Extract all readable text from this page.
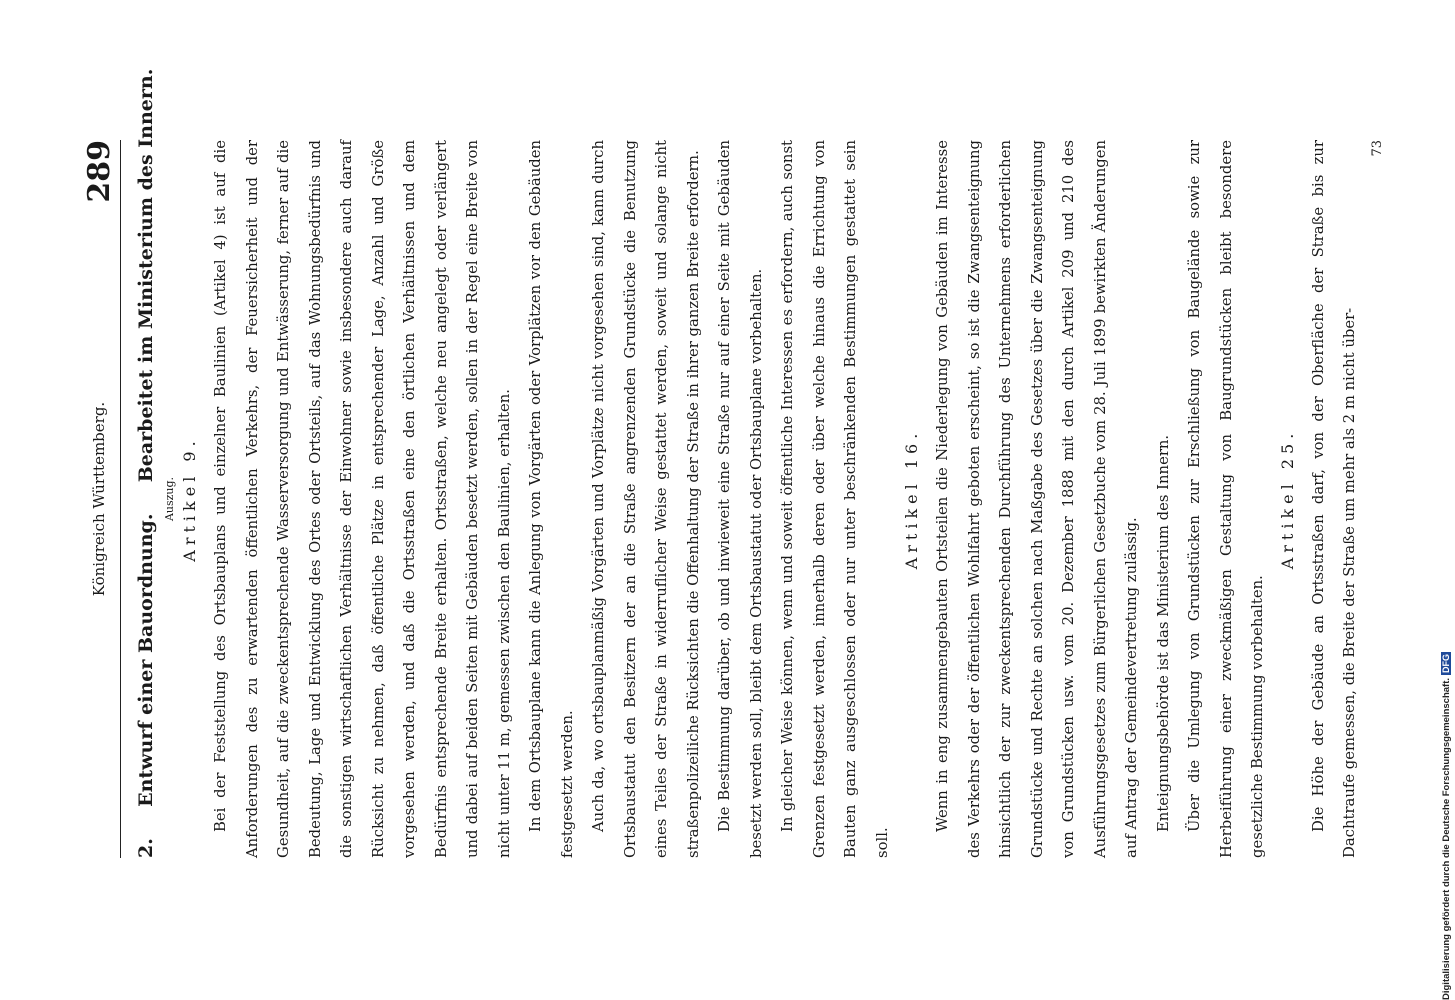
Königreich Württemberg.
289
2.  Entwurf einer Bauordnung.  Bearbeitet im Ministerium des Innern.
Auszug. Artikel 9. Bei der Feststellung des Ortsbauplans und einzelner Baulinien (Artikel 4) ist auf die Anforderungen des zu erwartenden öffentlichen Verkehrs, der Feuersicherheit und der Gesundheit, auf die zweckentsprechende Wasserversorgung und Entwässerung, ferner auf die Bedeutung, Lage und Entwicklung des Ortes oder Ortsteils, auf das Wohnungsbedürfnis und die sonstigen wirtschaftlichen Verhältnisse der Einwohner sowie insbesondere auch darauf Rücksicht zu nehmen, daß öffentliche Plätze in entsprechender Lage, Anzahl und Größe vorgesehen werden, und daß die Ortsstraßen eine den örtlichen Verhältnissen und dem Bedürfnis entsprechende Breite erhalten. Ortsstraßen, welche neu angelegt oder verlängert und dabei auf beiden Seiten mit Gebäuden besetzt werden, sollen in der Regel eine Breite von nicht unter 11 m, gemessen zwischen den Baulinien, erhalten. In dem Ortsbauplane kann die Anlegung von Vorgärten oder Vorplätzen vor den Gebäuden festgesetzt werden. Auch da, wo ortsbauplanmäßig Vorgärten und Vorplätze nicht vorgesehen sind, kann durch Ortsbaustatut den Besitzern der an die Straße angrenzenden Grundstücke die Benutzung eines Teiles der Straße in widerruflicher Weise gestattet werden, soweit und solange nicht straßenpolizeiliche Rücksichten die Offenhaltung der Straße in ihrer ganzen Breite erfordern. Die Bestimmung darüber, ob und inwieweit eine Straße nur auf einer Seite mit Gebäuden besetzt werden soll, bleibt dem Ortsbaustatut oder Ortsbauplane vorbehalten. In gleicher Weise können, wenn und soweit öffentliche Interessen es erfordern, auch sonst Grenzen festgesetzt werden, innerhalb deren oder über welche hinaus die Errichtung von Bauten ganz ausgeschlossen oder nur unter beschränkenden Bestimmungen gestattet sein soll.

Artikel 16. Wenn in eng zusammengebauten Ortsteilen die Niederlegung von Gebäuden im Interesse des Verkehrs oder der öffentlichen Wohlfahrt geboten erscheint, so ist die Zwangsenteignung hinsichtlich der zur zweckentsprechenden Durchführung des Unternehmens erforderlichen Grundstücke und Rechte an solchen nach Maßgabe des Gesetzes über die Zwangsenteignung von Grundstücken usw. vom 20. Dezember 1888 mit den durch Artikel 209 und 210 des Ausführungsgesetzes zum Bürgerlichen Gesetzbuche vom 28. Juli 1899 bewirkten Änderungen auf Antrag der Gemeindevertretung zulässig. Enteignungsbehörde ist das Ministerium des Innern. Über die Umlegung von Grundstücken zur Erschließung von Baugelände sowie zur Herbeiführung einer zweckmäßigen Gestaltung von Baugrundstücken bleibt besondere gesetzliche Bestimmung vorbehalten.

Artikel 25. Die Höhe der Gebäude an Ortsstraßen darf, von der Oberfläche der Straße bis zur Dachtraufe gemessen, die Breite der Straße um mehr als 2 m nicht über-

73
Digitalisierung gefördert durch die Deutsche Forschungsgemeinschaft.DFG
